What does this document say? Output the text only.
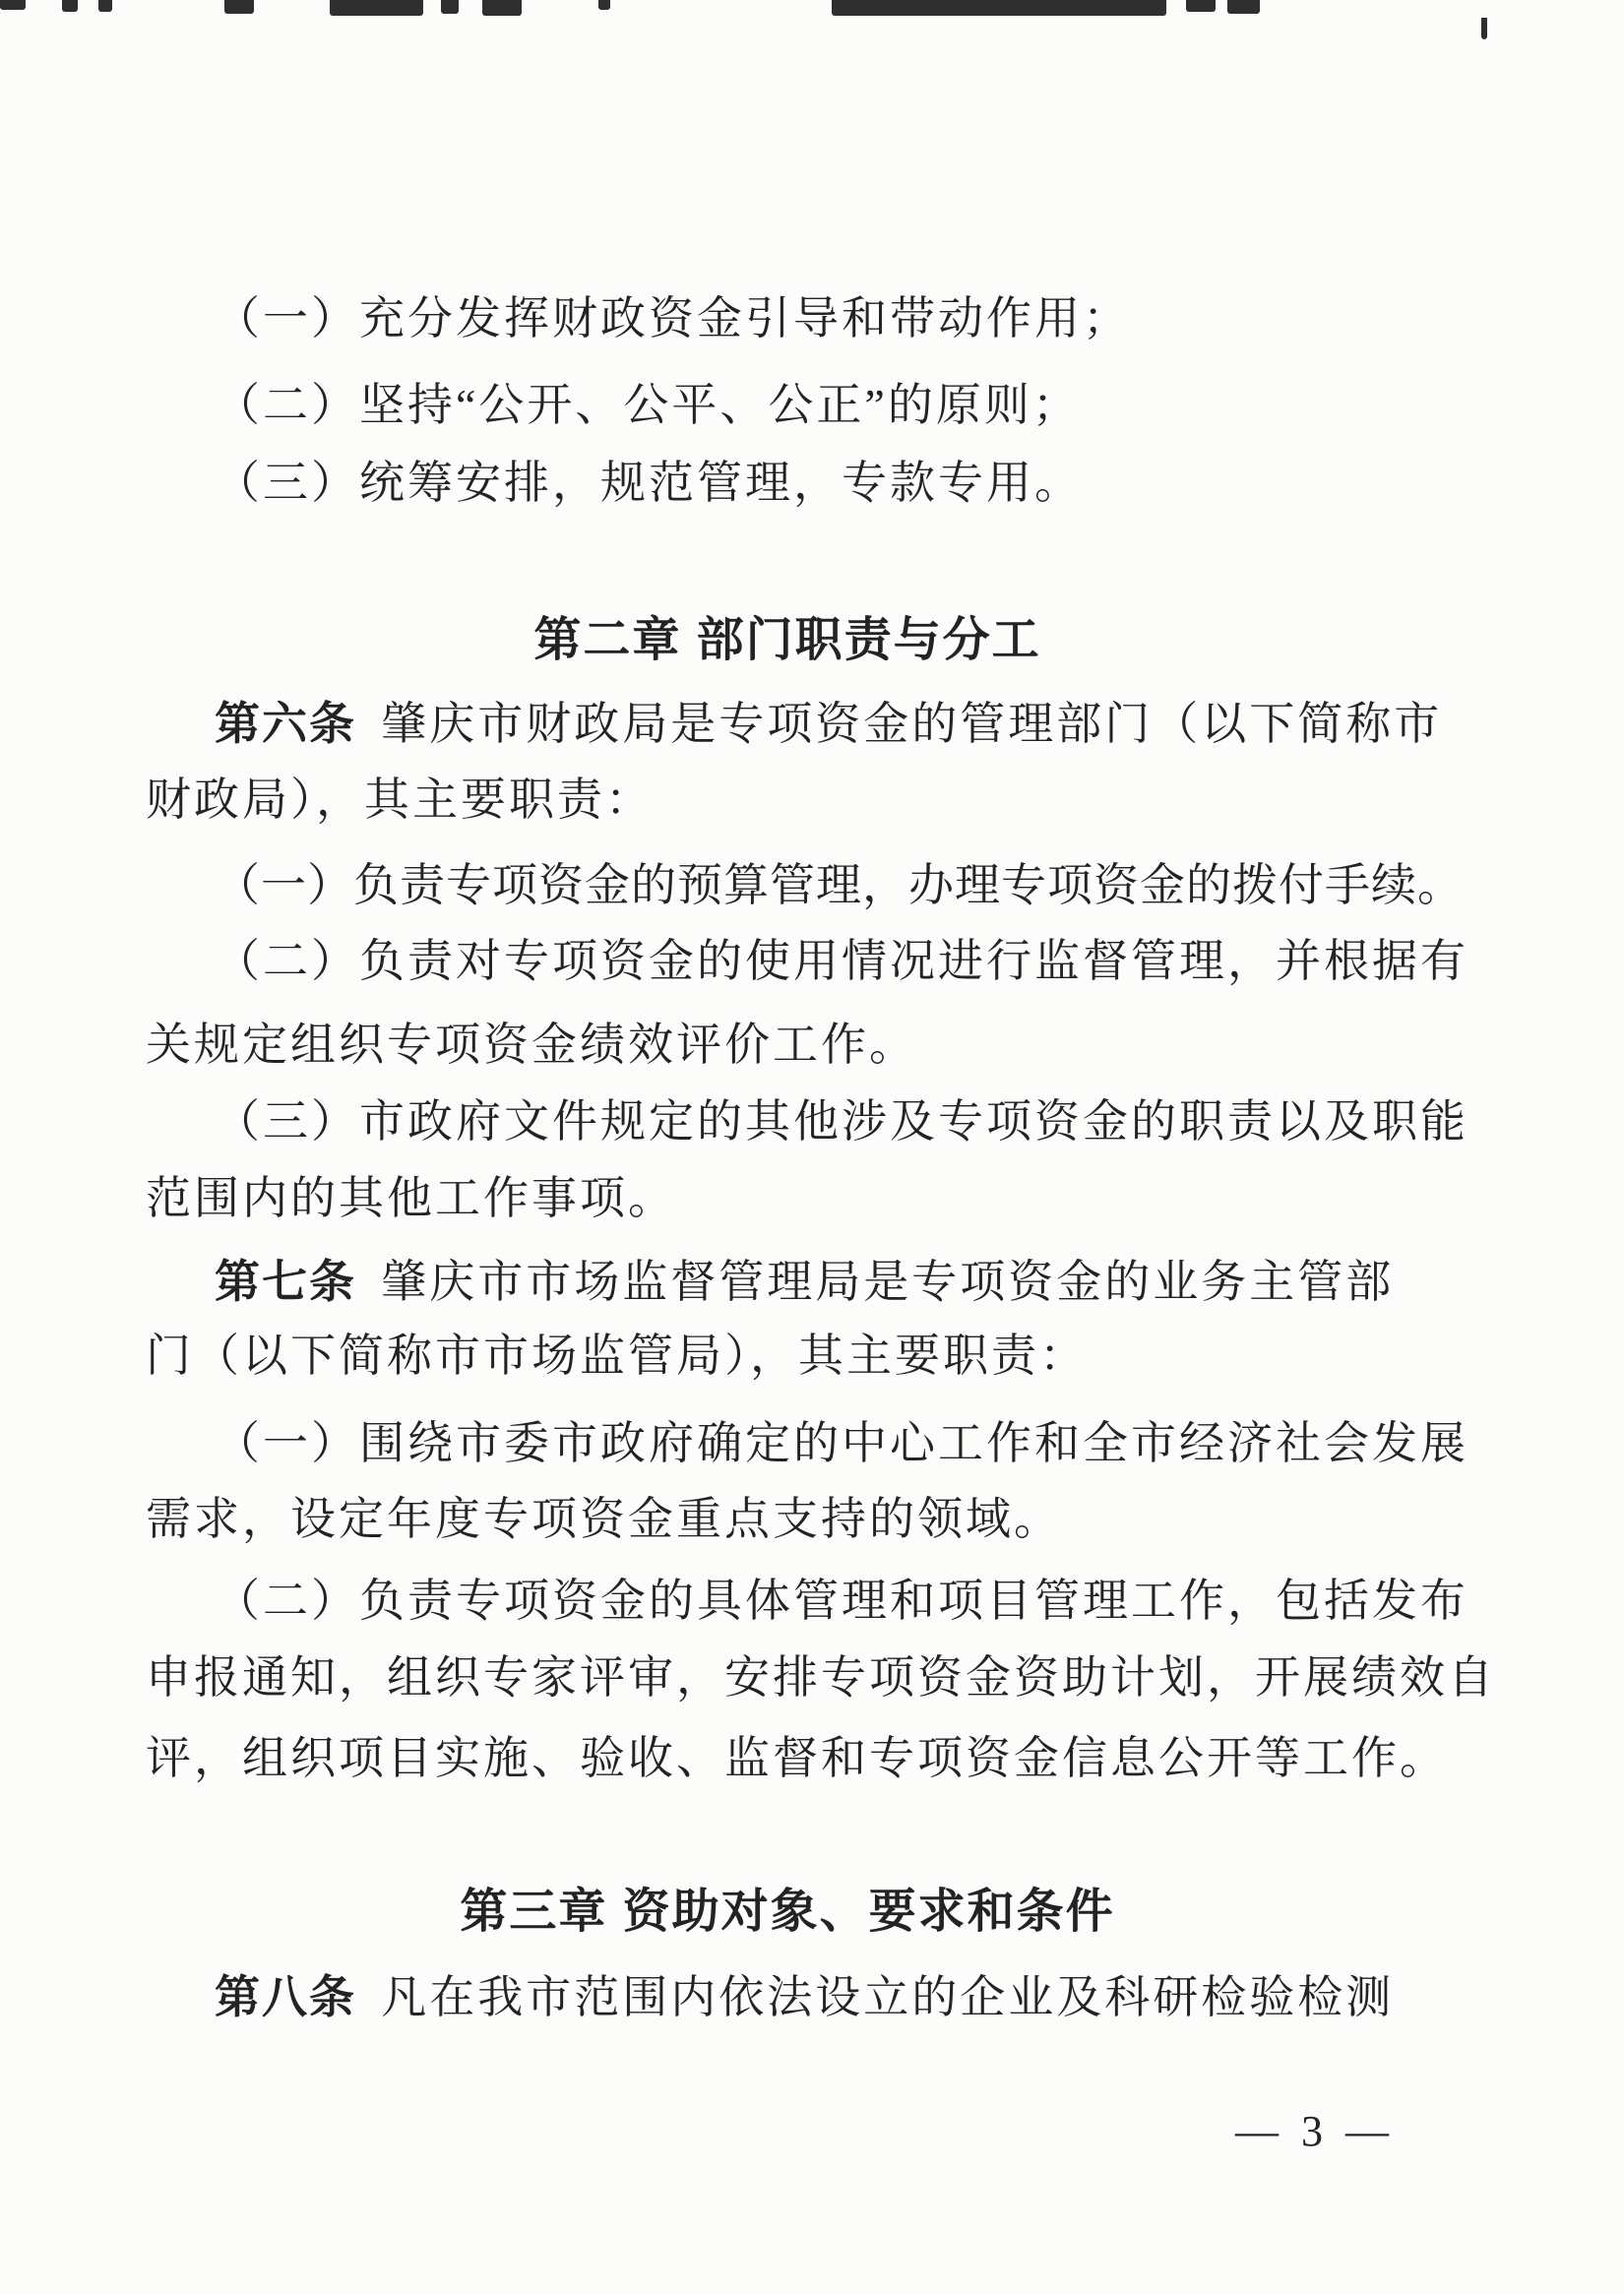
（一）充分发挥财政资金引导和带动作用；
（二）坚持“公开、公平、公正”的原则；
（三）统筹安排，规范管理，专款专用。
第二章 部门职责与分工
第六条 肇庆市财政局是专项资金的管理部门（以下简称市
财政局），其主要职责：
（一）负责专项资金的预算管理，办理专项资金的拨付手续。
（二）负责对专项资金的使用情况进行监督管理，并根据有
关规定组织专项资金绩效评价工作。
（三）市政府文件规定的其他涉及专项资金的职责以及职能
范围内的其他工作事项。
第七条 肇庆市市场监督管理局是专项资金的业务主管部
门（以下简称市市场监管局），其主要职责：
（一）围绕市委市政府确定的中心工作和全市经济社会发展
需求，设定年度专项资金重点支持的领域。
（二）负责专项资金的具体管理和项目管理工作，包括发布
申报通知，组织专家评审，安排专项资金资助计划，开展绩效自
评，组织项目实施、验收、监督和专项资金信息公开等工作。
第三章 资助对象、要求和条件
第八条 凡在我市范围内依法设立的企业及科研检验检测
— 3 —
